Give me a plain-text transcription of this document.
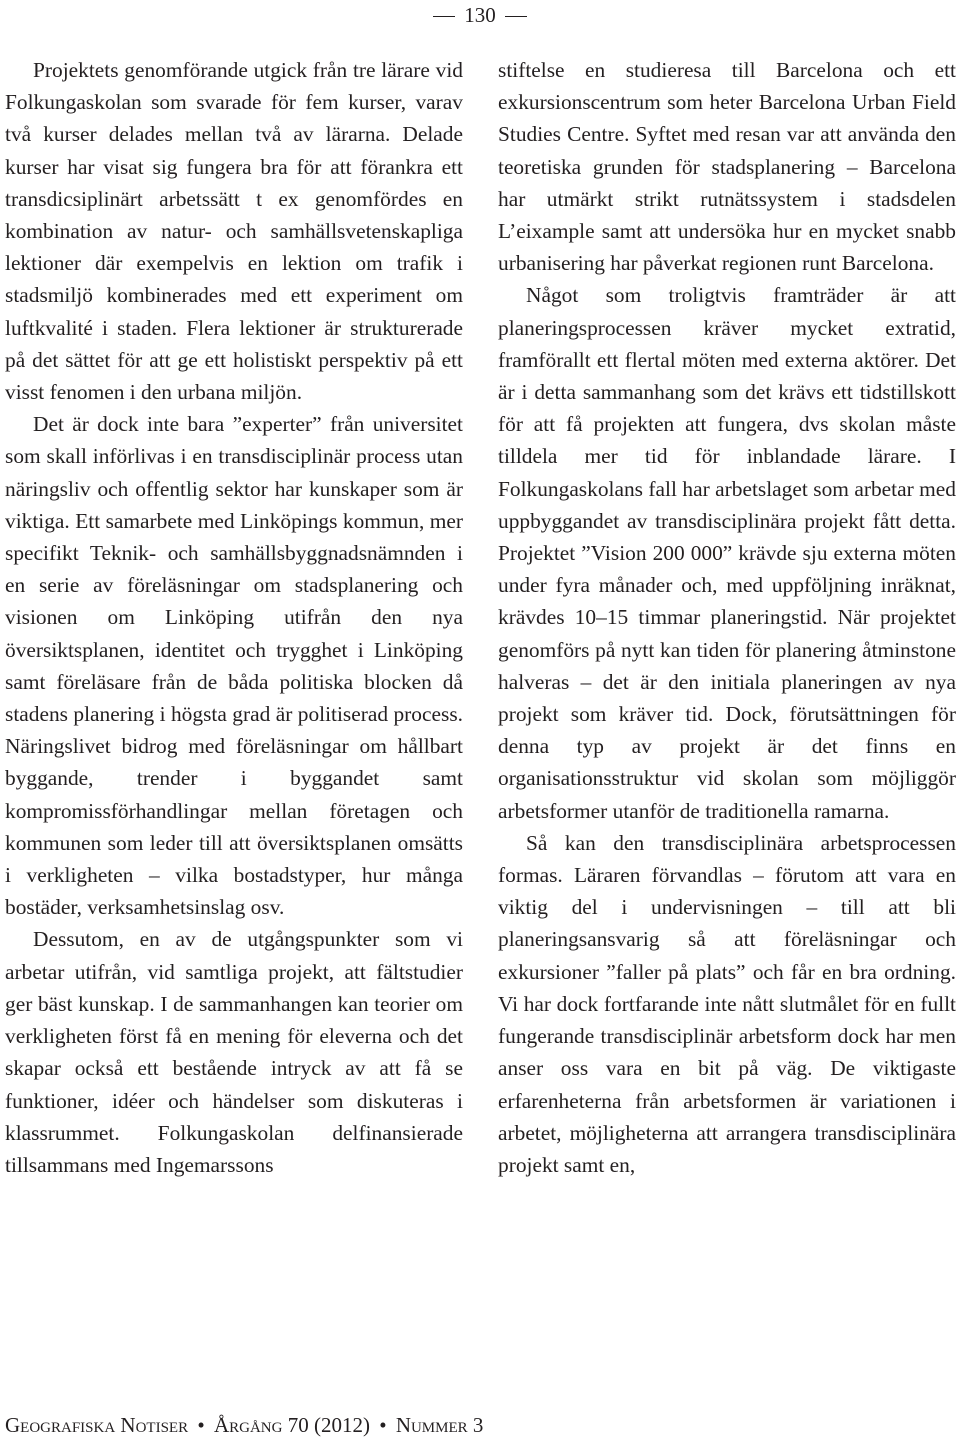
130

Projektets genomförande utgick från tre lärare vid Folkungaskolan som svarade för fem kurser, varav två kurser delades mellan två av lärarna. Delade kurser har visat sig fungera bra för att förankra ett transdicsiplinärt arbetssätt t ex genomfördes en kombination av natur- och samhällsvetenskapliga lektioner där exempelvis en lektion om trafik i stadsmiljö kombinerades med ett experiment om luftkvalité i staden. Flera lektioner är strukturerade på det sättet för att ge ett holistiskt perspektiv på ett visst fenomen i den urbana miljön.

Det är dock inte bara ”experter” från universitet som skall införlivas i en transdisciplinär process utan näringsliv och offentlig sektor har kunskaper som är viktiga. Ett samarbete med Linköpings kommun, mer specifikt Teknik- och samhällsbyggnadsnämnden i en serie av föreläsningar om stadsplanering och visionen om Linköping utifrån den nya översiktsplanen, identitet och trygghet i Linköping samt föreläsare från de båda politiska blocken då stadens planering i högsta grad är politiserad process. Näringslivet bidrog med föreläsningar om hållbart byggande, trender i byggandet samt kompromissförhandlingar mellan företagen och kommunen som leder till att översiktsplanen omsätts i verkligheten – vilka bostadstyper, hur många bostäder, verksamhetsinslag osv.

Dessutom, en av de utgångspunkter som vi arbetar utifrån, vid samtliga projekt, att fältstudier ger bäst kunskap. I de sammanhangen kan teorier om verkligheten först få en mening för eleverna och det skapar också ett bestående intryck av att få se funktioner, idéer och händelser som diskuteras i klassrummet. Folkungaskolan delfinansierade tillsammans med Ingemarssons

stiftelse en studieresa till Barcelona och ett exkursionscentrum som heter Barcelona Urban Field Studies Centre. Syftet med resan var att använda den teoretiska grunden för stadsplanering – Barcelona har utmärkt strikt rutnätssystem i stadsdelen L’eixample samt att undersöka hur en mycket snabb urbanisering har påverkat regionen runt Barcelona.

Något som troligtvis framträder är att planeringsprocessen kräver mycket extratid, framförallt ett flertal möten med externa aktörer. Det är i detta sammanhang som det krävs ett tidstillskott för att få projekten att fungera, dvs skolan måste tilldela mer tid för inblandade lärare. I Folkungaskolans fall har arbetslaget som arbetar med uppbyggandet av transdisciplinära projekt fått detta. Projektet ”Vision 200 000” krävde sju externa möten under fyra månader och, med uppföljning inräknat, krävdes 10–15 timmar planeringstid. När projektet genomförs på nytt kan tiden för planering åtminstone halveras – det är den initiala planeringen av nya projekt som kräver tid. Dock, förutsättningen för denna typ av projekt är det finns en organisationsstruktur vid skolan som möjliggör arbetsformer utanför de traditionella ramarna.

Så kan den transdisciplinära arbetsprocessen formas. Läraren förvandlas – förutom att vara en viktig del i undervisningen – till att bli planeringsansvarig så att föreläsningar och exkursioner ”faller på plats” och får en bra ordning. Vi har dock fortfarande inte nått slutmålet för en fullt fungerande transdisciplinär arbetsform dock har men anser oss vara en bit på väg. De viktigaste erfarenheterna från arbetsformen är variationen i arbetet, möjligheterna att arrangera transdisciplinära projekt samt en,

Geografiska Notiser • Årgång 70 (2012) • Nummer 3
